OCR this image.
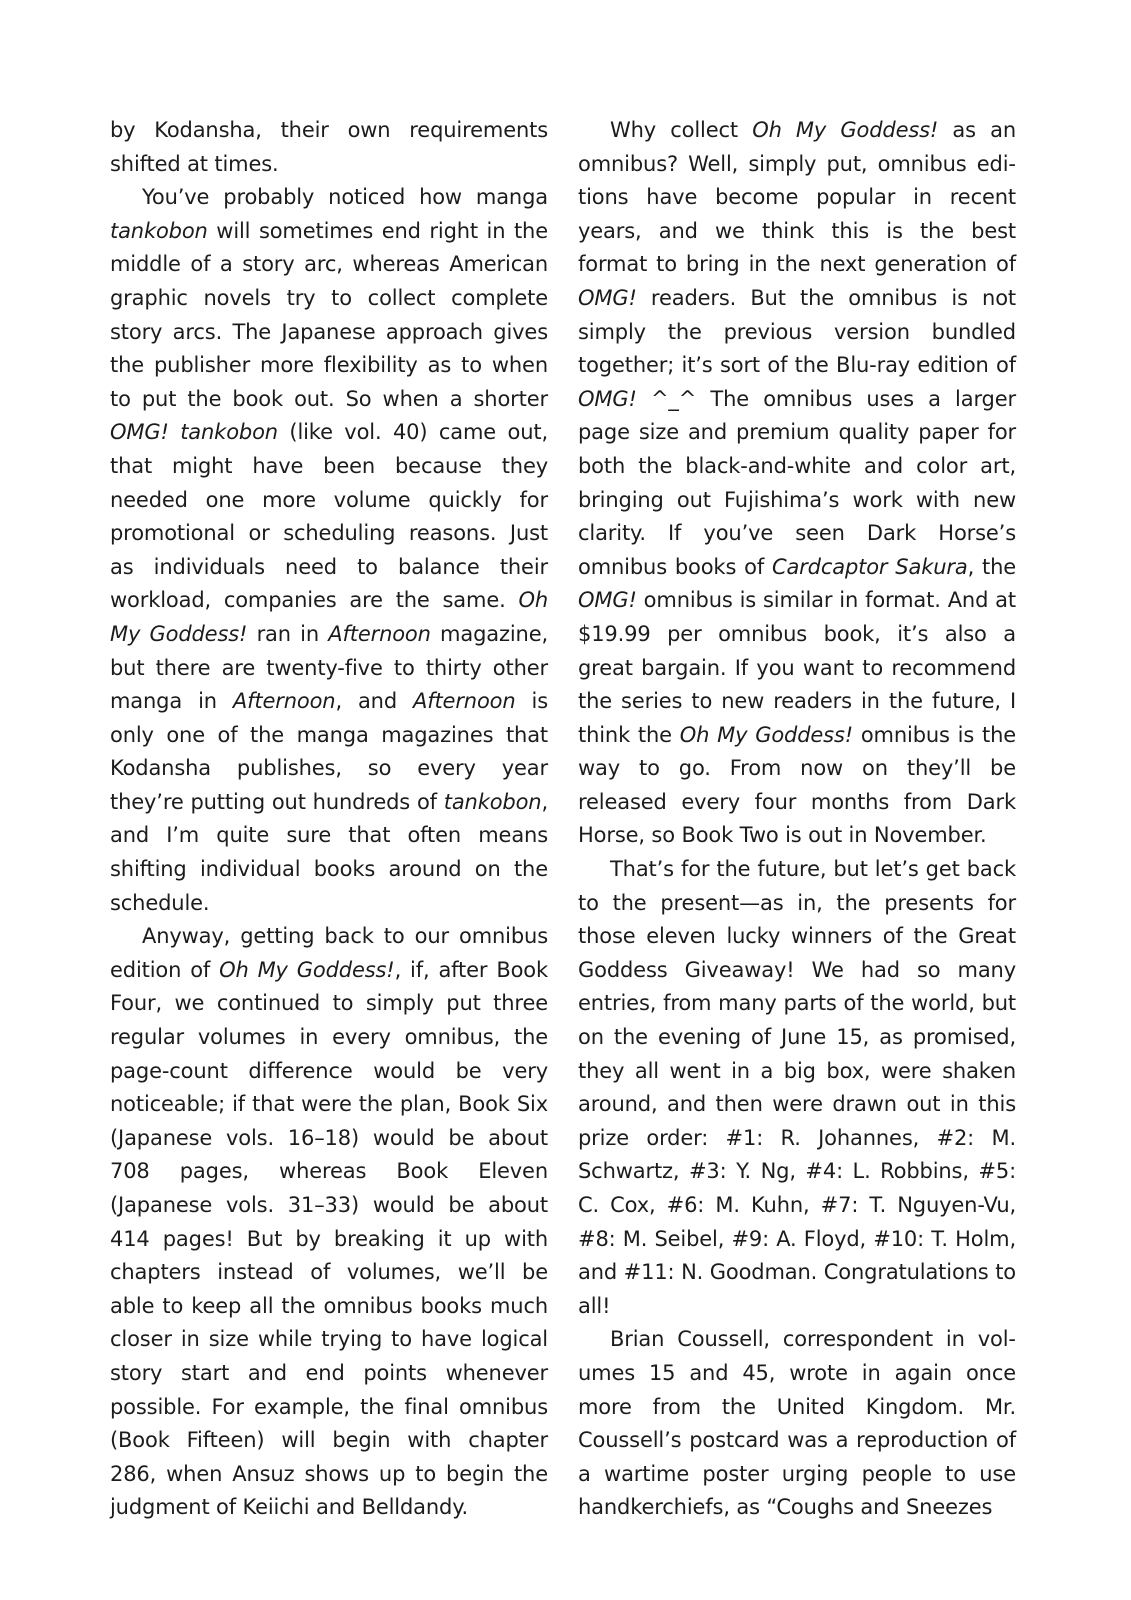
by Kodansha, their own requirements shifted at times.

You’ve probably noticed how manga tankobon will sometimes end right in the middle of a story arc, whereas American graphic novels try to collect complete story arcs. The Japanese approach gives the publisher more flexibility as to when to put the book out. So when a shorter OMG! tankobon (like vol. 40) came out, that might have been because they needed one more volume quickly for promotional or scheduling reasons. Just as individuals need to balance their workload, companies are the same. Oh My Goddess! ran in Afternoon magazine, but there are twenty-five to thirty other manga in Afternoon, and Afternoon is only one of the manga magazines that Kodansha publishes, so every year they’re putting out hundreds of tankobon, and I’m quite sure that often means shifting individual books around on the schedule.

Anyway, getting back to our omnibus edition of Oh My Goddess!, if, after Book Four, we continued to simply put three regular volumes in every omnibus, the page-count difference would be very noticeable; if that were the plan, Book Six (Japanese vols. 16–18) would be about 708 pages, whereas Book Eleven (Japanese vols. 31–33) would be about 414 pages! But by breaking it up with chapters instead of volumes, we’ll be able to keep all the omnibus books much closer in size while trying to have logical story start and end points whenever possible. For example, the final omnibus (Book Fifteen) will begin with chapter 286, when Ansuz shows up to begin the judgment of Keiichi and Belldandy.

Why collect Oh My Goddess! as an omnibus? Well, simply put, omnibus editions have become popular in recent years, and we think this is the best format to bring in the next generation of OMG! readers. But the omnibus is not simply the previous version bundled together; it’s sort of the Blu-ray edition of OMG! ^_^ The omnibus uses a larger page size and premium quality paper for both the black-and-white and color art, bringing out Fujishima’s work with new clarity. If you’ve seen Dark Horse’s omnibus books of Cardcaptor Sakura, the OMG! omnibus is similar in format. And at $19.99 per omnibus book, it’s also a great bargain. If you want to recommend the series to new readers in the future, I think the Oh My Goddess! omnibus is the way to go. From now on they’ll be released every four months from Dark Horse, so Book Two is out in November.

That’s for the future, but let’s get back to the present—as in, the presents for those eleven lucky winners of the Great Goddess Giveaway! We had so many entries, from many parts of the world, but on the evening of June 15, as promised, they all went in a big box, were shaken around, and then were drawn out in this prize order: #1: R. Johannes, #2: M. Schwartz, #3: Y. Ng, #4: L. Robbins, #5: C. Cox, #6: M. Kuhn, #7: T. Nguyen-Vu, #8: M. Seibel, #9: A. Floyd, #10: T. Holm, and #11: N. Goodman. Congratulations to all!

Brian Coussell, correspondent in volumes 15 and 45, wrote in again once more from the United Kingdom. Mr. Coussell’s postcard was a reproduction of a wartime poster urging people to use handkerchiefs, as “Coughs and Sneezes
